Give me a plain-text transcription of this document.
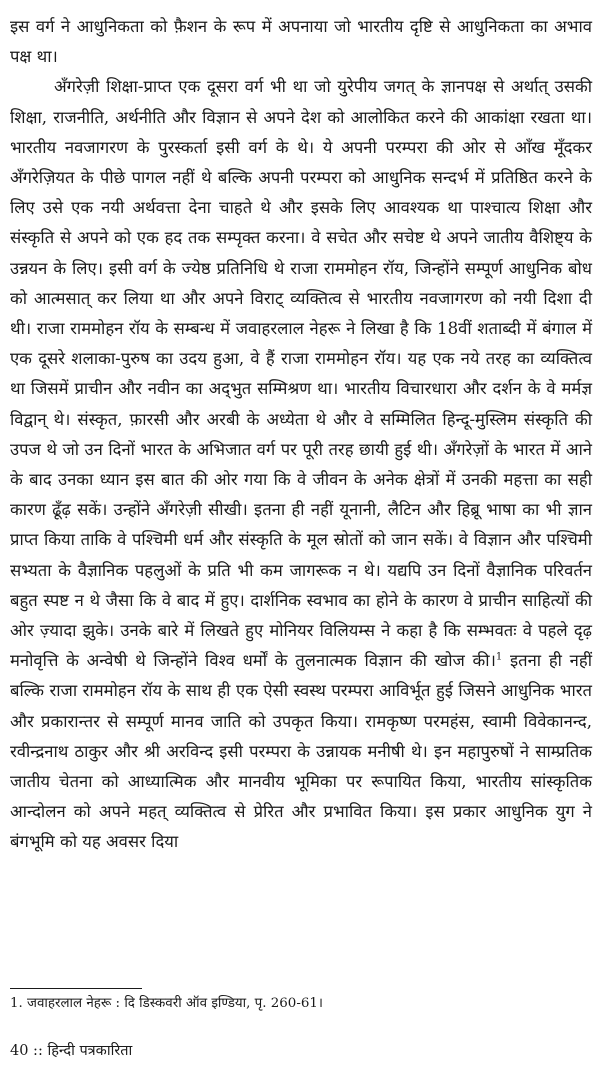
इस वर्ग ने आधुनिकता को फ़ैशन के रूप में अपनाया जो भारतीय दृष्टि से आधुनिकता का अभाव पक्ष था।

अँगरेज़ी शिक्षा-प्राप्त एक दूसरा वर्ग भी था जो युरेपीय जगत् के ज्ञानपक्ष से अर्थात् उसकी शिक्षा, राजनीति, अर्थनीति और विज्ञान से अपने देश को आलोकित करने की आकांक्षा रखता था। भारतीय नवजागरण के पुरस्कर्ता इसी वर्ग के थे। ये अपनी परम्परा की ओर से आँख मूँदकर अँगरेज़ियत के पीछे पागल नहीं थे बल्कि अपनी परम्परा को आधुनिक सन्दर्भ में प्रतिष्ठित करने के लिए उसे एक नयी अर्थवत्ता देना चाहते थे और इसके लिए आवश्यक था पाश्चात्य शिक्षा और संस्कृति से अपने को एक हद तक सम्पृक्त करना। वे सचेत और सचेष्ट थे अपने जातीय वैशिष्ट्य के उन्नयन के लिए। इसी वर्ग के ज्येष्ठ प्रतिनिधि थे राजा राममोहन रॉय, जिन्होंने सम्पूर्ण आधुनिक बोध को आत्मसात् कर लिया था और अपने विराट् व्यक्तित्व से भारतीय नवजागरण को नयी दिशा दी थी। राजा राममोहन रॉय के सम्बन्ध में जवाहरलाल नेहरू ने लिखा है कि 18वीं शताब्दी में बंगाल में एक दूसरे शलाका-पुरुष का उदय हुआ, वे हैं राजा राममोहन रॉय। यह एक नये तरह का व्यक्तित्व था जिसमें प्राचीन और नवीन का अद्‌भुत सम्मिश्रण था। भारतीय विचारधारा और दर्शन के वे मर्मज्ञ विद्वान् थे। संस्कृत, फ़ारसी और अरबी के अध्येता थे और वे सम्मिलित हिन्दू-मुस्लिम संस्कृति की उपज थे जो उन दिनों भारत के अभिजात वर्ग पर पूरी तरह छायी हुई थी। अँगरेज़ों के भारत में आने के बाद उनका ध्यान इस बात की ओर गया कि वे जीवन के अनेक क्षेत्रों में उनकी महत्ता का सही कारण ढूँढ़ सकें। उन्होंने अँगरेज़ी सीखी। इतना ही नहीं यूनानी, लैटिन और हिब्रू भाषा का भी ज्ञान प्राप्त किया ताकि वे पश्चिमी धर्म और संस्कृति के मूल स्रोतों को जान सकें। वे विज्ञान और पश्चिमी सभ्यता के वैज्ञानिक पहलुओं के प्रति भी कम जागरूक न थे। यद्यपि उन दिनों वैज्ञानिक परिवर्तन बहुत स्पष्ट न थे जैसा कि वे बाद में हुए। दार्शनिक स्वभाव का होने के कारण वे प्राचीन साहित्यों की ओर ज़्यादा झुके। उनके बारे में लिखते हुए मोनियर विलियम्स ने कहा है कि सम्भवतः वे पहले दृढ़ मनोवृत्ति के अन्वेषी थे जिन्होंने विश्व धर्मों के तुलनात्मक विज्ञान की खोज की।$^1$ इतना ही नहीं बल्कि राजा राममोहन रॉय के साथ ही एक ऐसी स्वस्थ परम्परा आविर्भूत हुई जिसने आधुनिक भारत और प्रकारान्तर से सम्पूर्ण मानव जाति को उपकृत किया। रामकृष्ण परमहंस, स्वामी विवेकानन्द, रवीन्द्रनाथ ठाकुर और श्री अरविन्द इसी परम्परा के उन्नायक मनीषी थे। इन महापुरुषों ने साम्प्रतिक जातीय चेतना को आध्यात्मिक और मानवीय भूमिका पर रूपायित किया, भारतीय सांस्कृतिक आन्दोलन को अपने महत् व्यक्तित्व से प्रेरित और प्रभावित किया। इस प्रकार आधुनिक युग ने बंगभूमि को यह अवसर दिया

1. जवाहरलाल नेहरू : दि डिस्कवरी ऑव इण्डिया, पृ. 260-61।

40 :: हिन्दी पत्रकारिता
